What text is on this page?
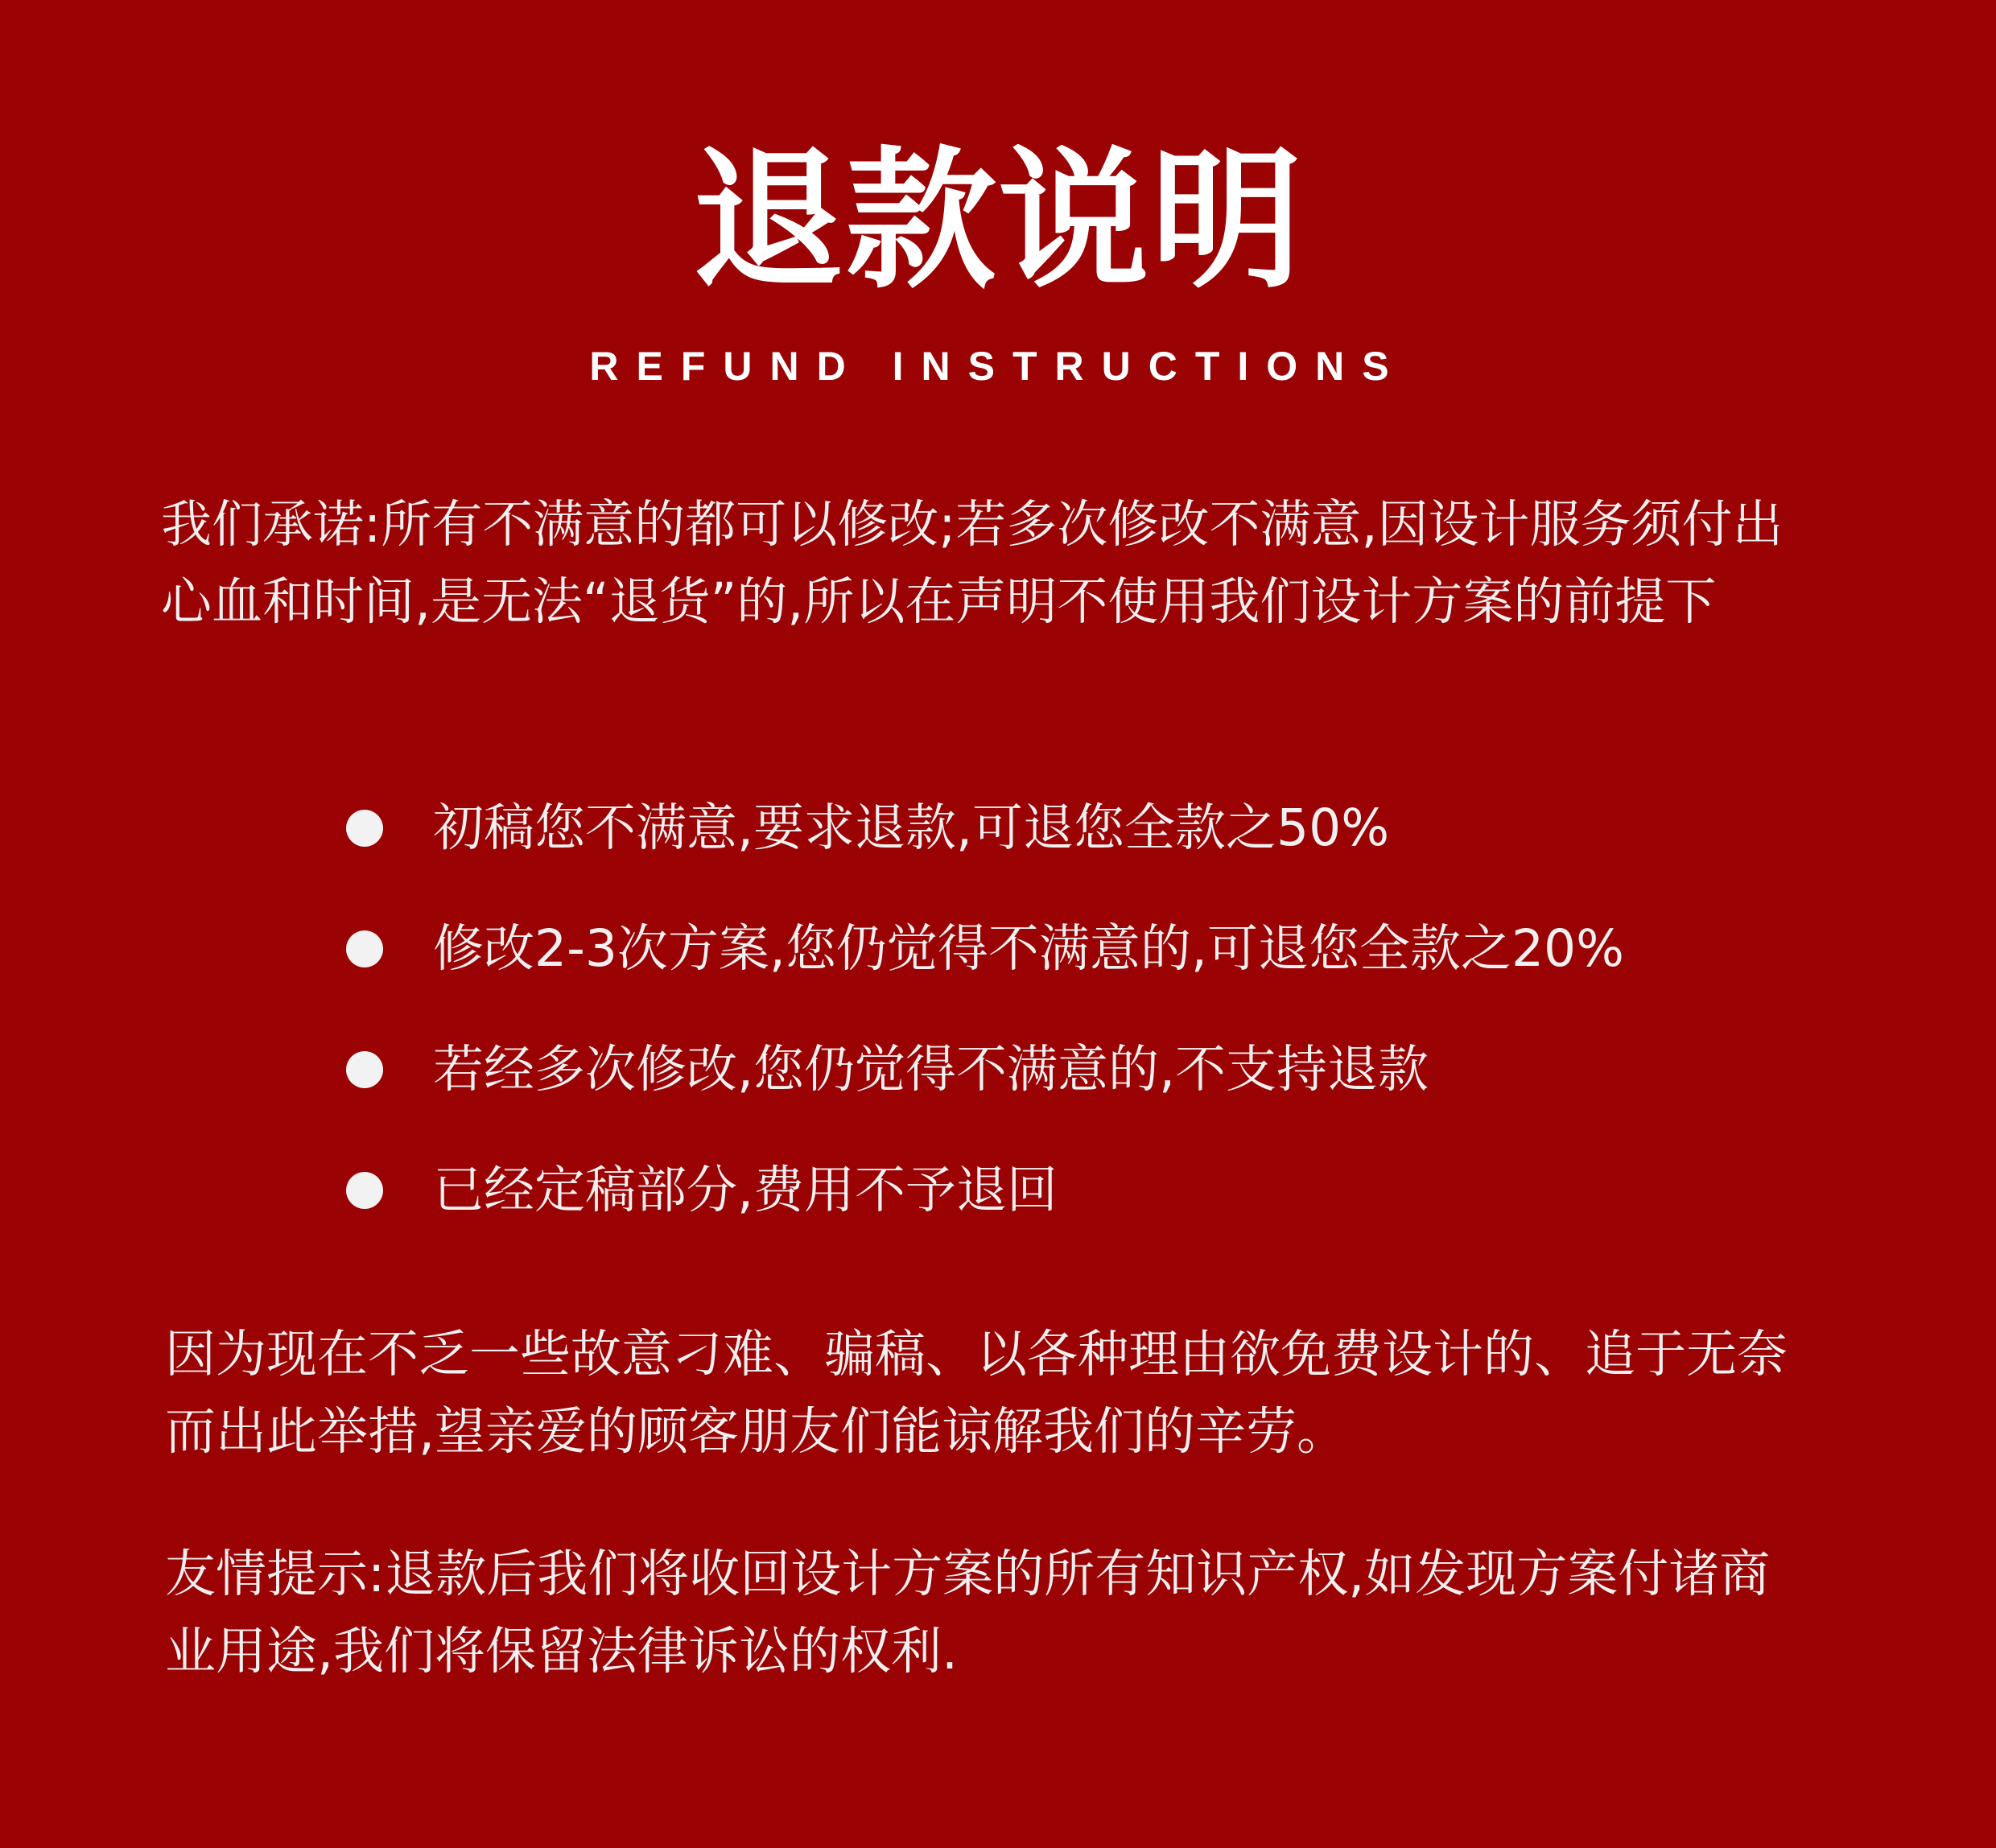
退款说明
REFUND INSTRUCTIONS
我们承诺:所有不满意的都可以修改;若多次修改不满意,因设计服务须付出
心血和时间,是无法“退货”的,所以在声明不使用我们设计方案的前提下
初稿您不满意,要求退款,可退您全款之50%
修改2-3次方案,您仍觉得不满意的,可退您全款之20%
若经多次修改,您仍觉得不满意的,不支持退款
已经定稿部分,费用不予退回
因为现在不乏一些故意刁难、骗稿、以各种理由欲免费设计的、追于无奈
而出此举措,望亲爱的顾客朋友们能谅解我们的辛劳。
友情提示:退款后我们将收回设计方案的所有知识产权,如发现方案付诸商
业用途,我们将保留法律诉讼的权利.
